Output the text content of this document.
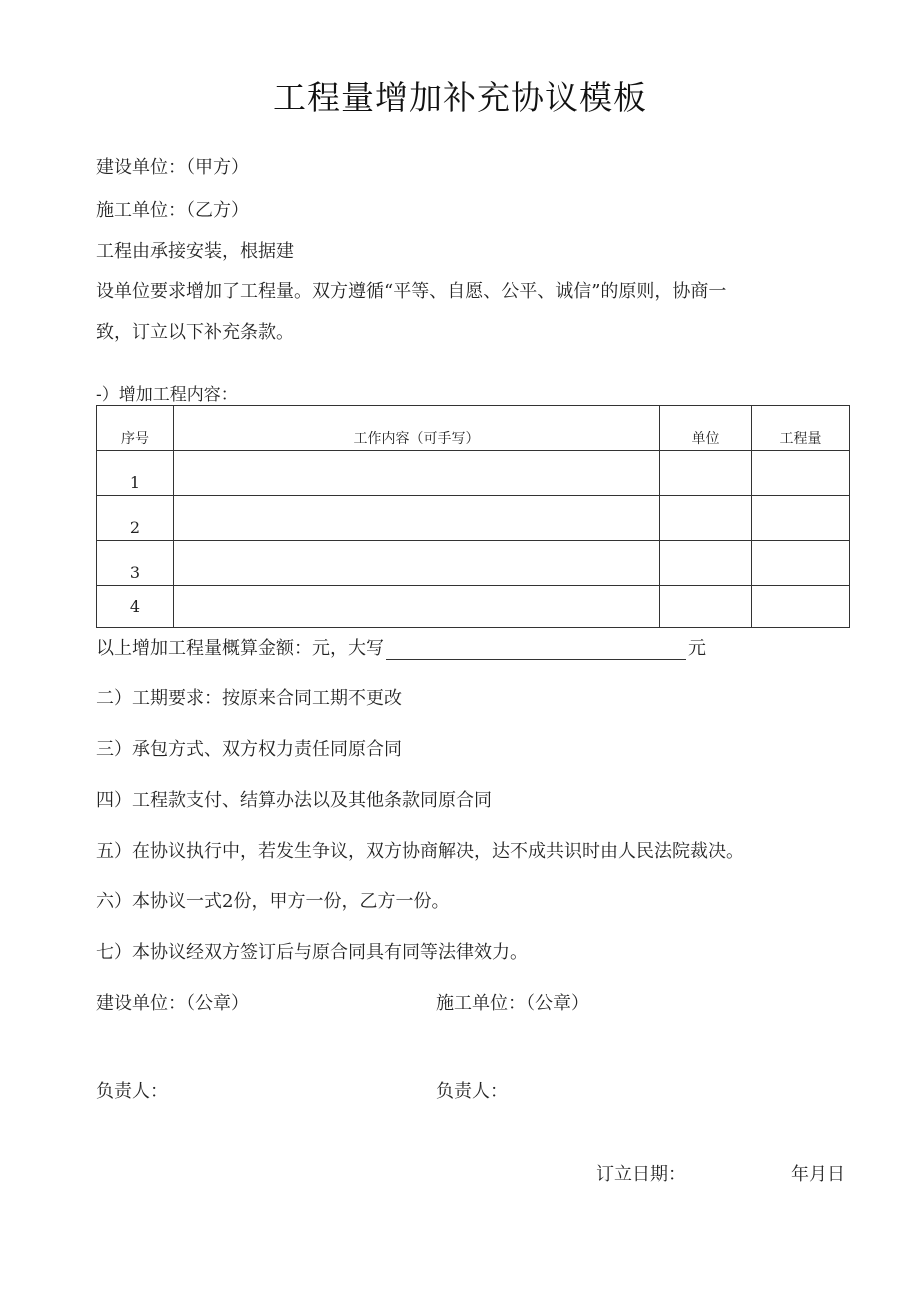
工程量增加补充协议模板
建设单位：（甲方）
施工单位：（乙方）
工程由承接安装，根据建
设单位要求增加了工程量。双方遵循“平等、自愿、公平、诚信”的原则，协商一
致，订立以下补充条款。
-）增加工程内容：
序号	工作内容（可手写）	单位	工程量
1			
2			
3			
4			
以上增加工程量概算金额：元，大写	元
二）工期要求：按原来合同工期不更改
三）承包方式、双方权力责任同原合同
四）工程款支付、结算办法以及其他条款同原合同
五）在协议执行中，若发生争议，双方协商解决，达不成共识时由人民法院裁决。
六）本协议一式2份，甲方一份，乙方一份。
七）本协议经双方签订后与原合同具有同等法律效力。
建设单位：（公章）	施工单位：（公章）
负责人：	负责人：
订立日期：	年月日
